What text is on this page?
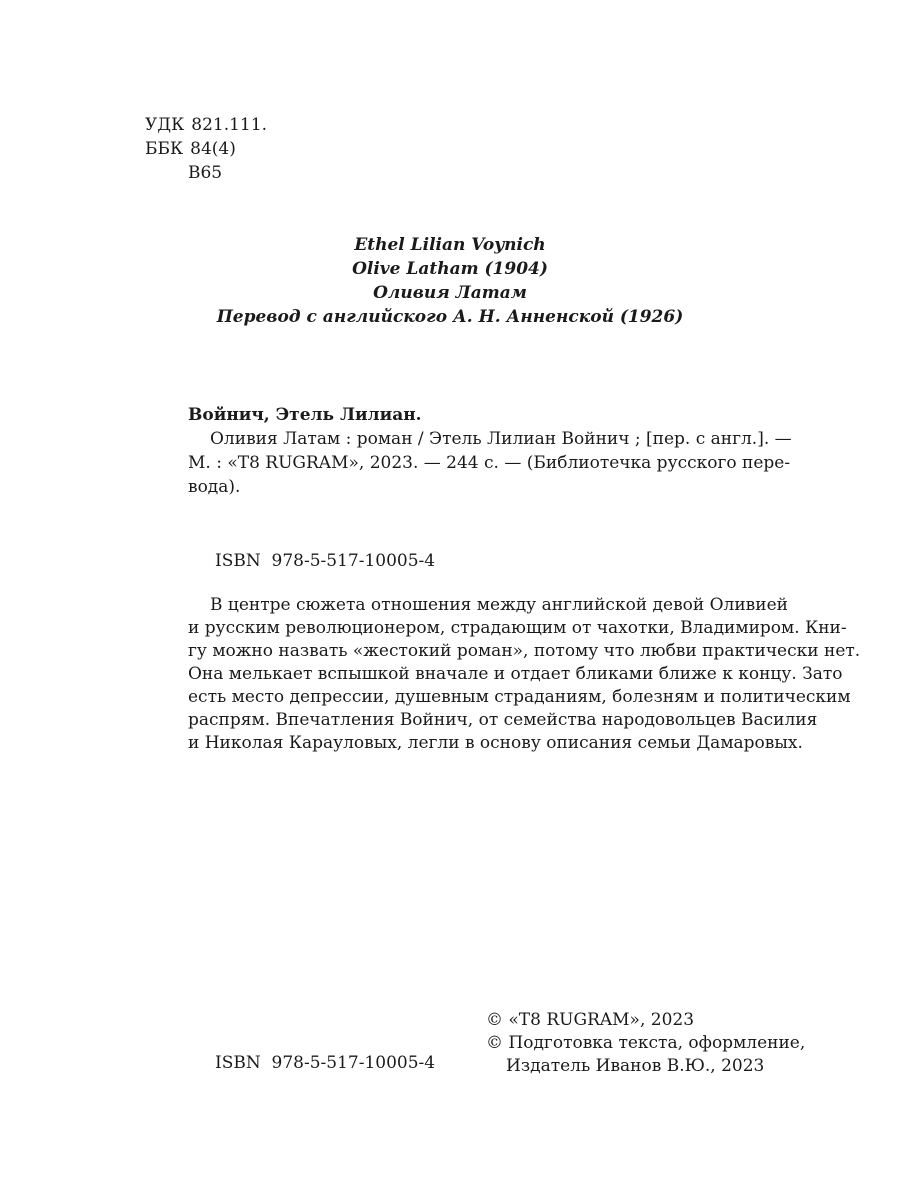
УДК 821.111.
ББК 84(4)
В65
Ethel Lilian Voynich
Olive Latham (1904)
Оливия Латам
Перевод с английского А. Н. Анненской (1926)
Войнич, Этель Лилиан.
Оливия Латам : роман / Этель Лилиан Войнич ; [пер. с англ.]. —
М. : «T8 RUGRAM», 2023. — 244 с. — (Библиотечка русского пере-
вода).
ISBN  978-5-517-10005-4
В центре сюжета отношения между английской девой Оливией
и русским революционером, страдающим от чахотки, Владимиром. Кни-
гу можно назвать «жестокий роман», потому что любви практически нет.
Она мелькает вспышкой вначале и отдает бликами ближе к концу. Зато
есть место депрессии, душевным страданиям, болезням и политическим
распрям. Впечатления Войнич, от семейства народовольцев Василия
и Николая Карауловых, легли в основу описания семьи Дамаровых.
© «T8 RUGRAM», 2023
© Подготовка текста, оформление,
Издатель Иванов В.Ю., 2023
ISBN  978-5-517-10005-4
